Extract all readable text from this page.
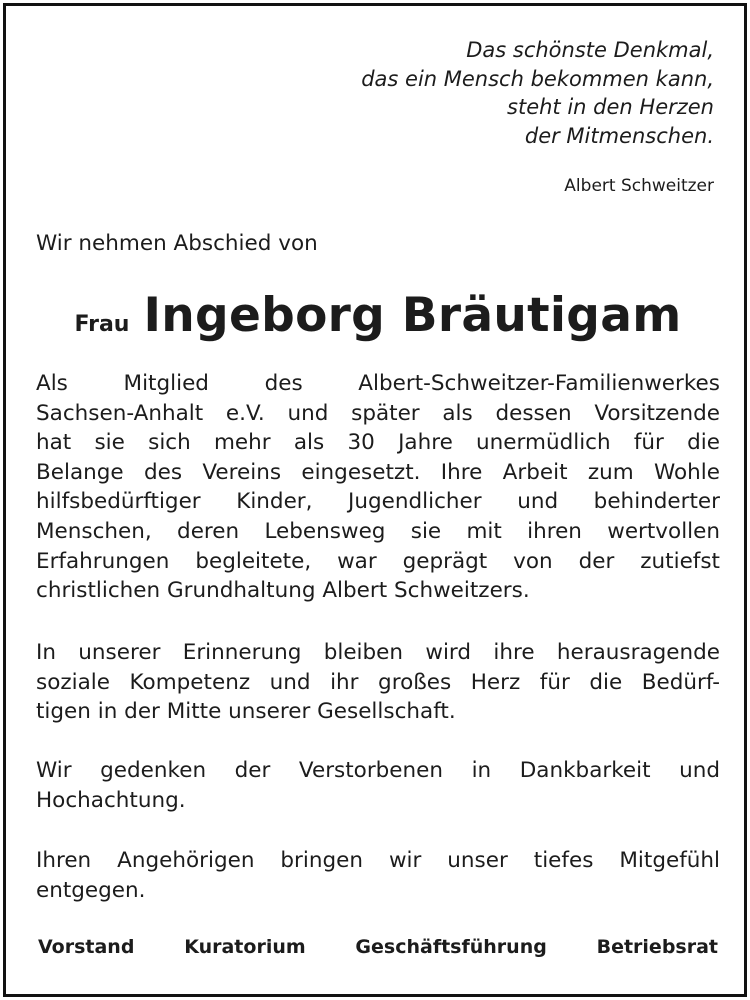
Das schönste Denkmal,
das ein Mensch bekommen kann,
steht in den Herzen
der Mitmenschen.
Albert Schweitzer
Wir nehmen Abschied von
Frau Ingeborg Bräutigam
Als Mitglied des Albert-Schweitzer-Familienwerkes
Sachsen-Anhalt e.V. und später als dessen Vorsitzende
hat sie sich mehr als 30 Jahre unermüdlich für die
Belange des Vereins eingesetzt. Ihre Arbeit zum Wohle
hilfsbedürftiger Kinder, Jugendlicher und behinderter
Menschen, deren Lebensweg sie mit ihren wertvollen
Erfahrungen begleitete, war geprägt von der zutiefst
christlichen Grundhaltung Albert Schweitzers.
In unserer Erinnerung bleiben wird ihre herausragende
soziale Kompetenz und ihr großes Herz für die Bedürf-
tigen in der Mitte unserer Gesellschaft.
Wir gedenken der Verstorbenen in Dankbarkeit und
Hochachtung.
Ihren Angehörigen bringen wir unser tiefes Mitgefühl
entgegen.
Vorstand	Kuratorium	Geschäftsführung	Betriebsrat
